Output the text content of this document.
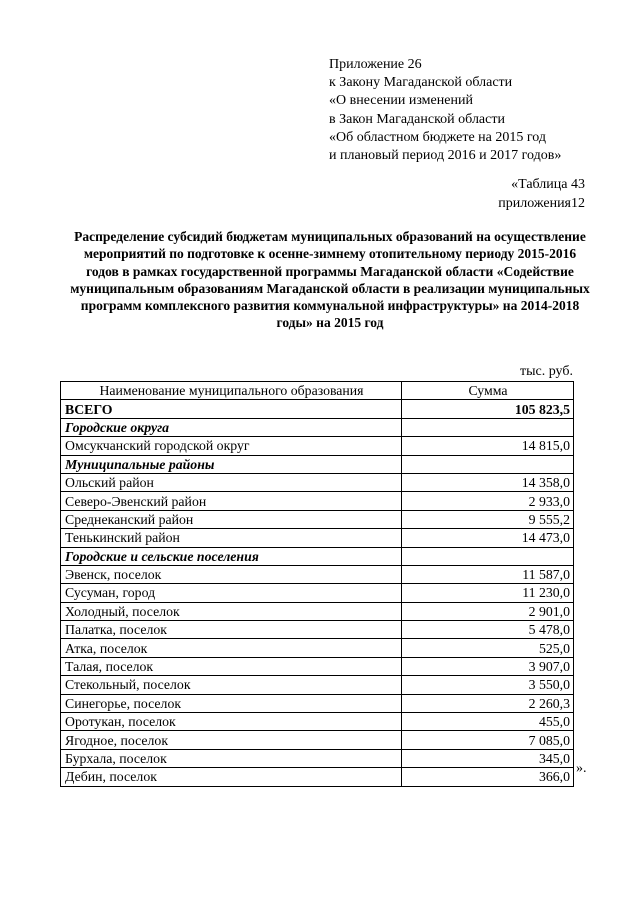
Приложение 26
к Закону Магаданской области
«О внесении изменений
в Закон Магаданской области
«Об областном бюджете на 2015 год
и плановый период 2016 и 2017 годов»
«Таблица 43
приложения12
Распределение субсидий бюджетам муниципальных образований на осуществление мероприятий по подготовке к осенне-зимнему отопительному периоду 2015-2016 годов в рамках государственной программы Магаданской области «Содействие муниципальным образованиям Магаданской области в реализации муниципальных программ комплексного развития коммунальной инфраструктуры» на 2014-2018 годы» на 2015 год
тыс. руб.
Наименование муниципального образования	Сумма
ВСЕГО	105 823,5
Городские округа	
Омсукчанский городской округ	14 815,0
Муниципальные районы	
Ольский район	14 358,0
Северо-Эвенский район	2 933,0
Среднеканский район	9 555,2
Тенькинский район	14 473,0
Городские и сельские поселения	
Эвенск, поселок	11 587,0
Сусуман, город	11 230,0
Холодный, поселок	2 901,0
Палатка, поселок	5 478,0
Атка, поселок	525,0
Талая, поселок	3 907,0
Стекольный, поселок	3 550,0
Синегорье, поселок	2 260,3
Оротукан, поселок	455,0
Ягодное, поселок	7 085,0
Бурхала, поселок	345,0
Дебин, поселок	366,0
».
